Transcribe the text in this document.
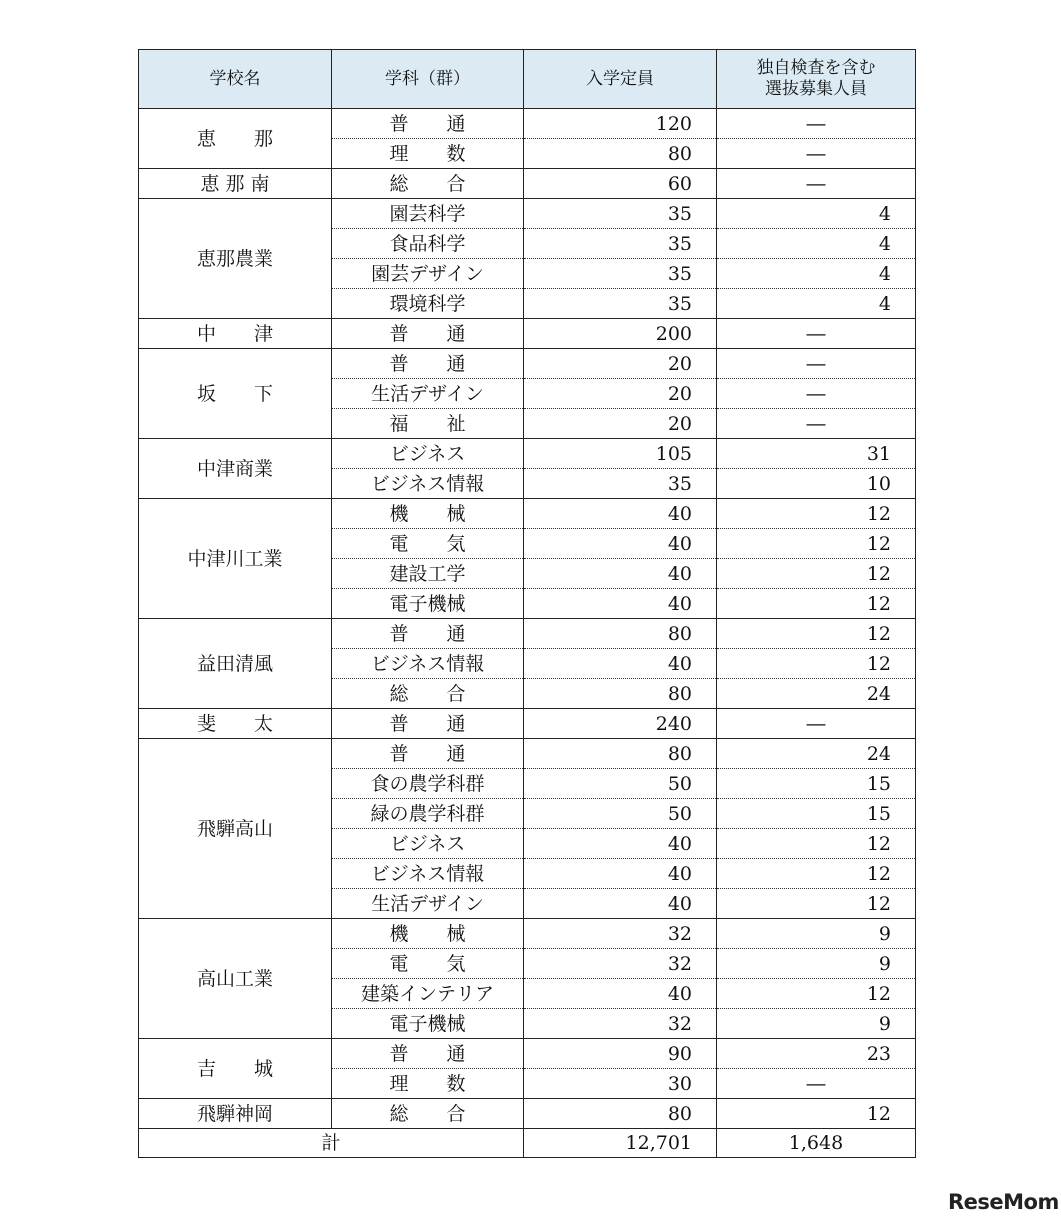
学校名	学科（群）	入学定員	独自検査を含む
選抜募集人員
恵　　那	普　　通	120	―
	理　　数	80	―
恵 那 南	総　　合	60	―
恵那農業	園芸科学	35	4
	食品科学	35	4
	園芸デザイン	35	4
	環境科学	35	4
中　　津	普　　通	200	―
坂　　下	普　　通	20	―
	生活デザイン	20	―
	福　　祉	20	―
中津商業	ビジネス	105	31
	ビジネス情報	35	10
中津川工業	機　　械	40	12
	電　　気	40	12
	建設工学	40	12
	電子機械	40	12
益田清風	普　　通	80	12
	ビジネス情報	40	12
	総　　合	80	24
斐　　太	普　　通	240	―
飛騨高山	普　　通	80	24
	食の農学科群	50	15
	緑の農学科群	50	15
	ビジネス	40	12
	ビジネス情報	40	12
	生活デザイン	40	12
高山工業	機　　械	32	9
	電　　気	32	9
	建築インテリア	40	12
	電子機械	32	9
吉　　城	普　　通	90	23
	理　　数	30	―
飛騨神岡	総　　合	80	12
計		12,701	1,648
ReseMom
